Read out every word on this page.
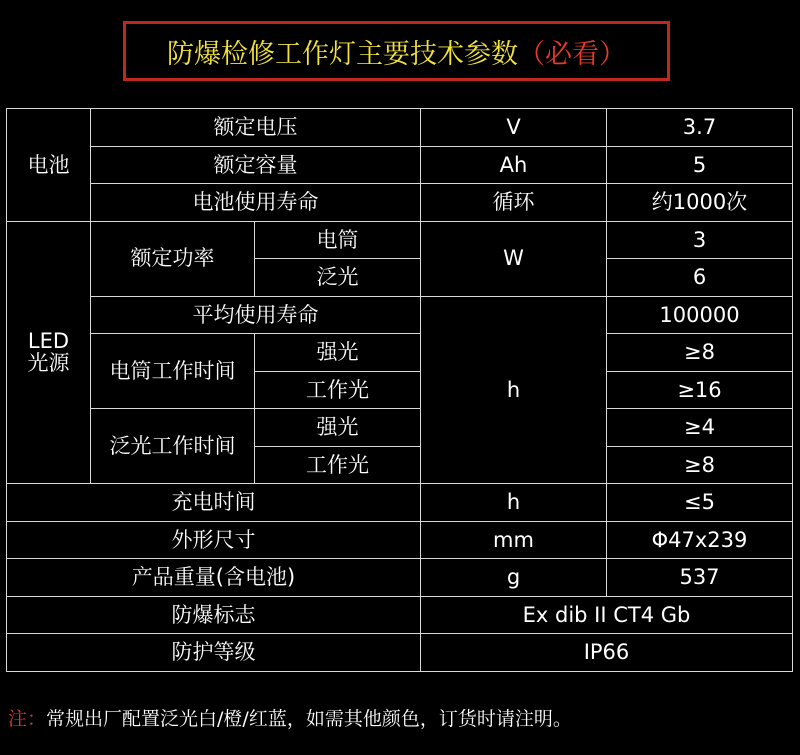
防爆检修工作灯主要技术参数 （必看）
电池	额定电压		V	3.7
	额定容量		Ah	5
	电池使用寿命		循环	约1000次
LED
光源	额定功率	电筒	W	3
		泛光		6
	平均使用寿命		h	100000
	电筒工作时间	强光		≥8
		工作光		≥16
	泛光工作时间	强光		≥4
		工作光		≥8
充电时间			h	≤5
外形尺寸			mm	Φ47x239
产品重量(含电池)			g	537
防爆标志			Ex dib II CT4 Gb	
防护等级			IP66	
注：常规出厂配置泛光白/橙/红蓝，如需其他颜色，订货时请注明。
